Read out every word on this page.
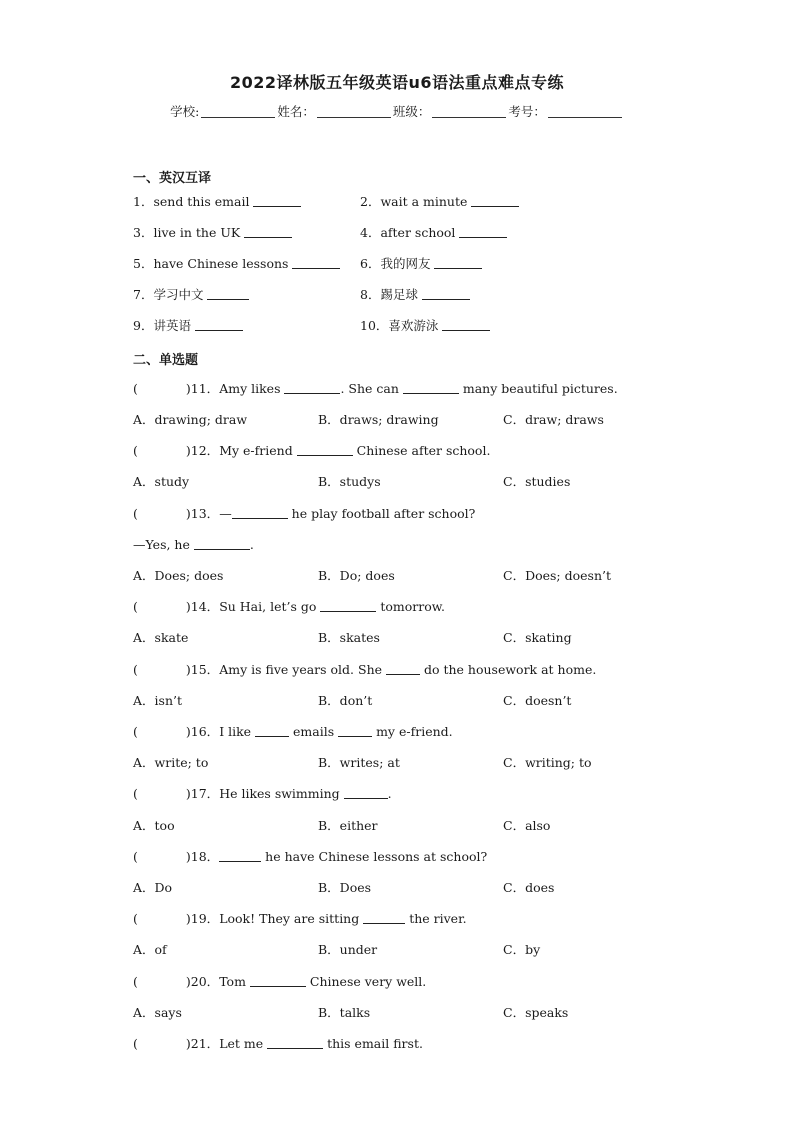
2022译林版五年级英语u6语法重点难点专练
学校:	姓名：	班级：	考号：
一、英汉互译
1．send this email	2．wait a minute
3．live in the UK	4．after school
5．have Chinese lessons	6．我的网友
7．学习中文	8．踢足球
9．讲英语	10．喜欢游泳
二、单选题
(	)11．Amy likes	. She can	many beautiful pictures.
A．drawing; draw	B．draws; drawing	C．draw; draws
(	)12．My e-friend	Chinese after school.
A．study	B．studys	C．studies
(	)13．—	he play football after school?
—Yes, he	.
A．Does; does	B．Do; does	C．Does; doesn’t
(	)14．Su Hai, let’s go	tomorrow.
A．skate	B．skates	C．skating
(	)15．Amy is five years old. She	do the housework at home.
A．isn’t	B．don’t	C．doesn’t
(	)16．I like	emails	my e-friend.
A．write; to	B．writes; at	C．writing; to
(	)17．He likes swimming	.
A．too	B．either	C．also
(	)18．	he have Chinese lessons at school?
A．Do	B．Does	C．does
(	)19．Look! They are sitting	the river.
A．of	B．under	C．by
(	)20．Tom	Chinese very well.
A．says	B．talks	C．speaks
(	)21．Let me	this email first.
